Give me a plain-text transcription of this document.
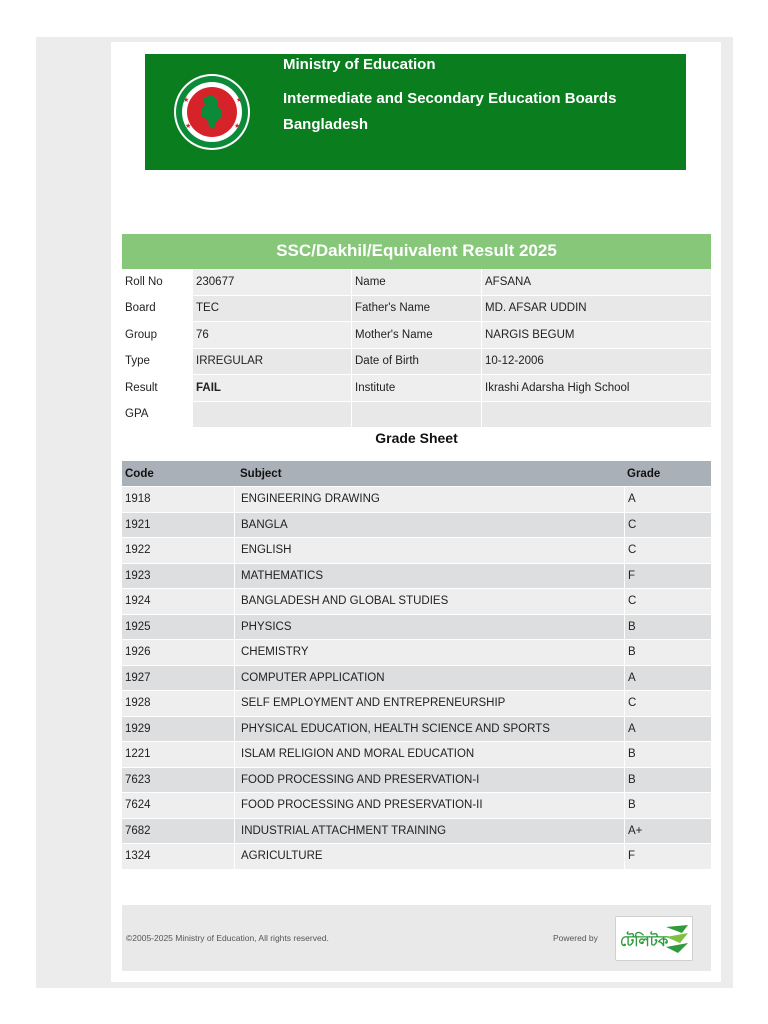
★	★
★	★
Ministry of Education
Intermediate and Secondary Education Boards
Bangladesh
SSC/Dakhil/Equivalent Result 2025
Roll No	230677	Name	AFSANA
Board	TEC	Father's Name	MD. AFSAR UDDIN
Group	76	Mother's Name	NARGIS BEGUM
Type	IRREGULAR	Date of Birth	10-12-2006
Result	FAIL	Institute	Ikrashi Adarsha High School
GPA			
Grade Sheet
Code	Subject	Grade
1918	ENGINEERING DRAWING	A
1921	BANGLA	C
1922	ENGLISH	C
1923	MATHEMATICS	F
1924	BANGLADESH AND GLOBAL STUDIES	C
1925	PHYSICS	B
1926	CHEMISTRY	B
1927	COMPUTER APPLICATION	A
1928	SELF EMPLOYMENT AND ENTREPRENEURSHIP	C
1929	PHYSICAL EDUCATION, HEALTH SCIENCE AND SPORTS	A
1221	ISLAM RELIGION AND MORAL EDUCATION	B
7623	FOOD PROCESSING AND PRESERVATION-I	B
7624	FOOD PROCESSING AND PRESERVATION-II	B
7682	INDUSTRIAL ATTACHMENT TRAINING	A+
1324	AGRICULTURE	F
©2005-2025 Ministry of Education, All rights reserved.	Powered by টেলিটক
